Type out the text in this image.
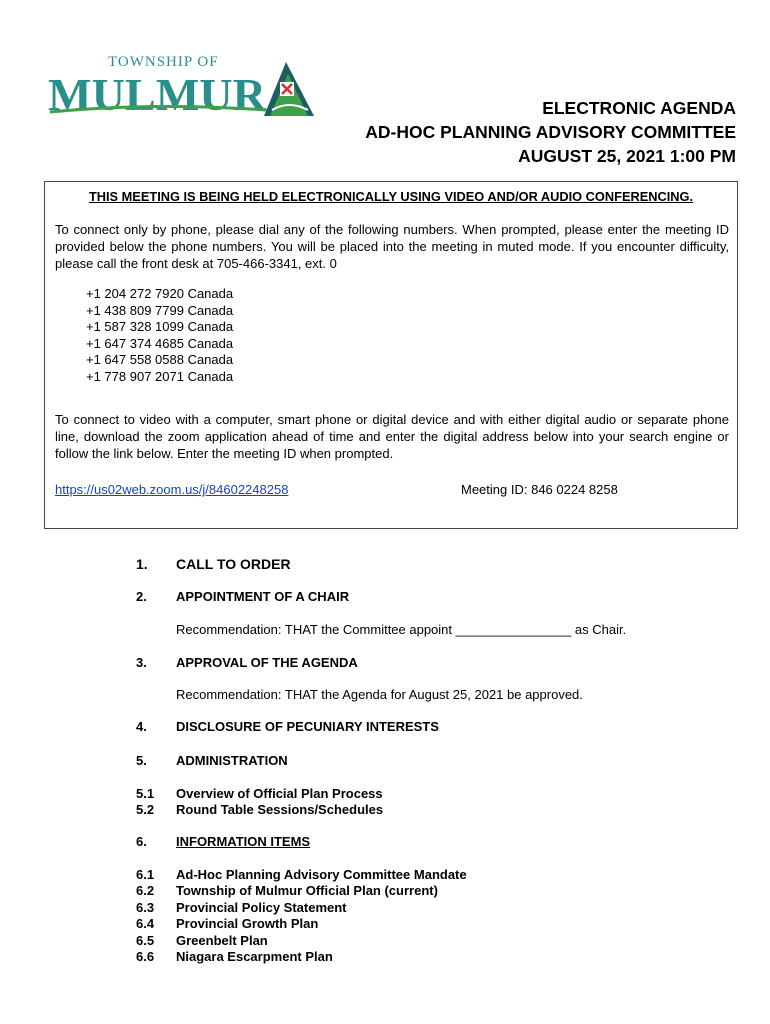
TOWNSHIP OF
MULMUR	ELECTRONIC AGENDA
AD-HOC PLANNING ADVISORY COMMITTEE
AUGUST 25, 2021 1:00 PM
THIS MEETING IS BEING HELD ELECTRONICALLY USING VIDEO AND/OR AUDIO CONFERENCING.
To connect only by phone, please dial any of the following numbers. When prompted, please enter the meeting ID provided below the phone numbers. You will be placed into the meeting in muted mode. If you encounter difficulty, please call the front desk at 705-466-3341, ext. 0
+1 204 272 7920 Canada
+1 438 809 7799 Canada
+1 587 328 1099 Canada
+1 647 374 4685 Canada
+1 647 558 0588 Canada
+1 778 907 2071 Canada
To connect to video with a computer, smart phone or digital device and with either digital audio or separate phone line, download the zoom application ahead of time and enter the digital address below into your search engine or follow the link below. Enter the meeting ID when prompted.
https://us02web.zoom.us/j/84602248258	Meeting ID: 846 0224 8258
1. CALL TO ORDER
2. APPOINTMENT OF A CHAIR
Recommendation: THAT the Committee appoint ________________ as Chair.
3. APPROVAL OF THE AGENDA
Recommendation: THAT the Agenda for August 25, 2021 be approved.
4. DISCLOSURE OF PECUNIARY INTERESTS
5. ADMINISTRATION
5.1 Overview of Official Plan Process
5.2 Round Table Sessions/Schedules
6. INFORMATION ITEMS
6.1 Ad-Hoc Planning Advisory Committee Mandate
6.2 Township of Mulmur Official Plan (current)
6.3 Provincial Policy Statement
6.4 Provincial Growth Plan
6.5 Greenbelt Plan
6.6 Niagara Escarpment Plan
